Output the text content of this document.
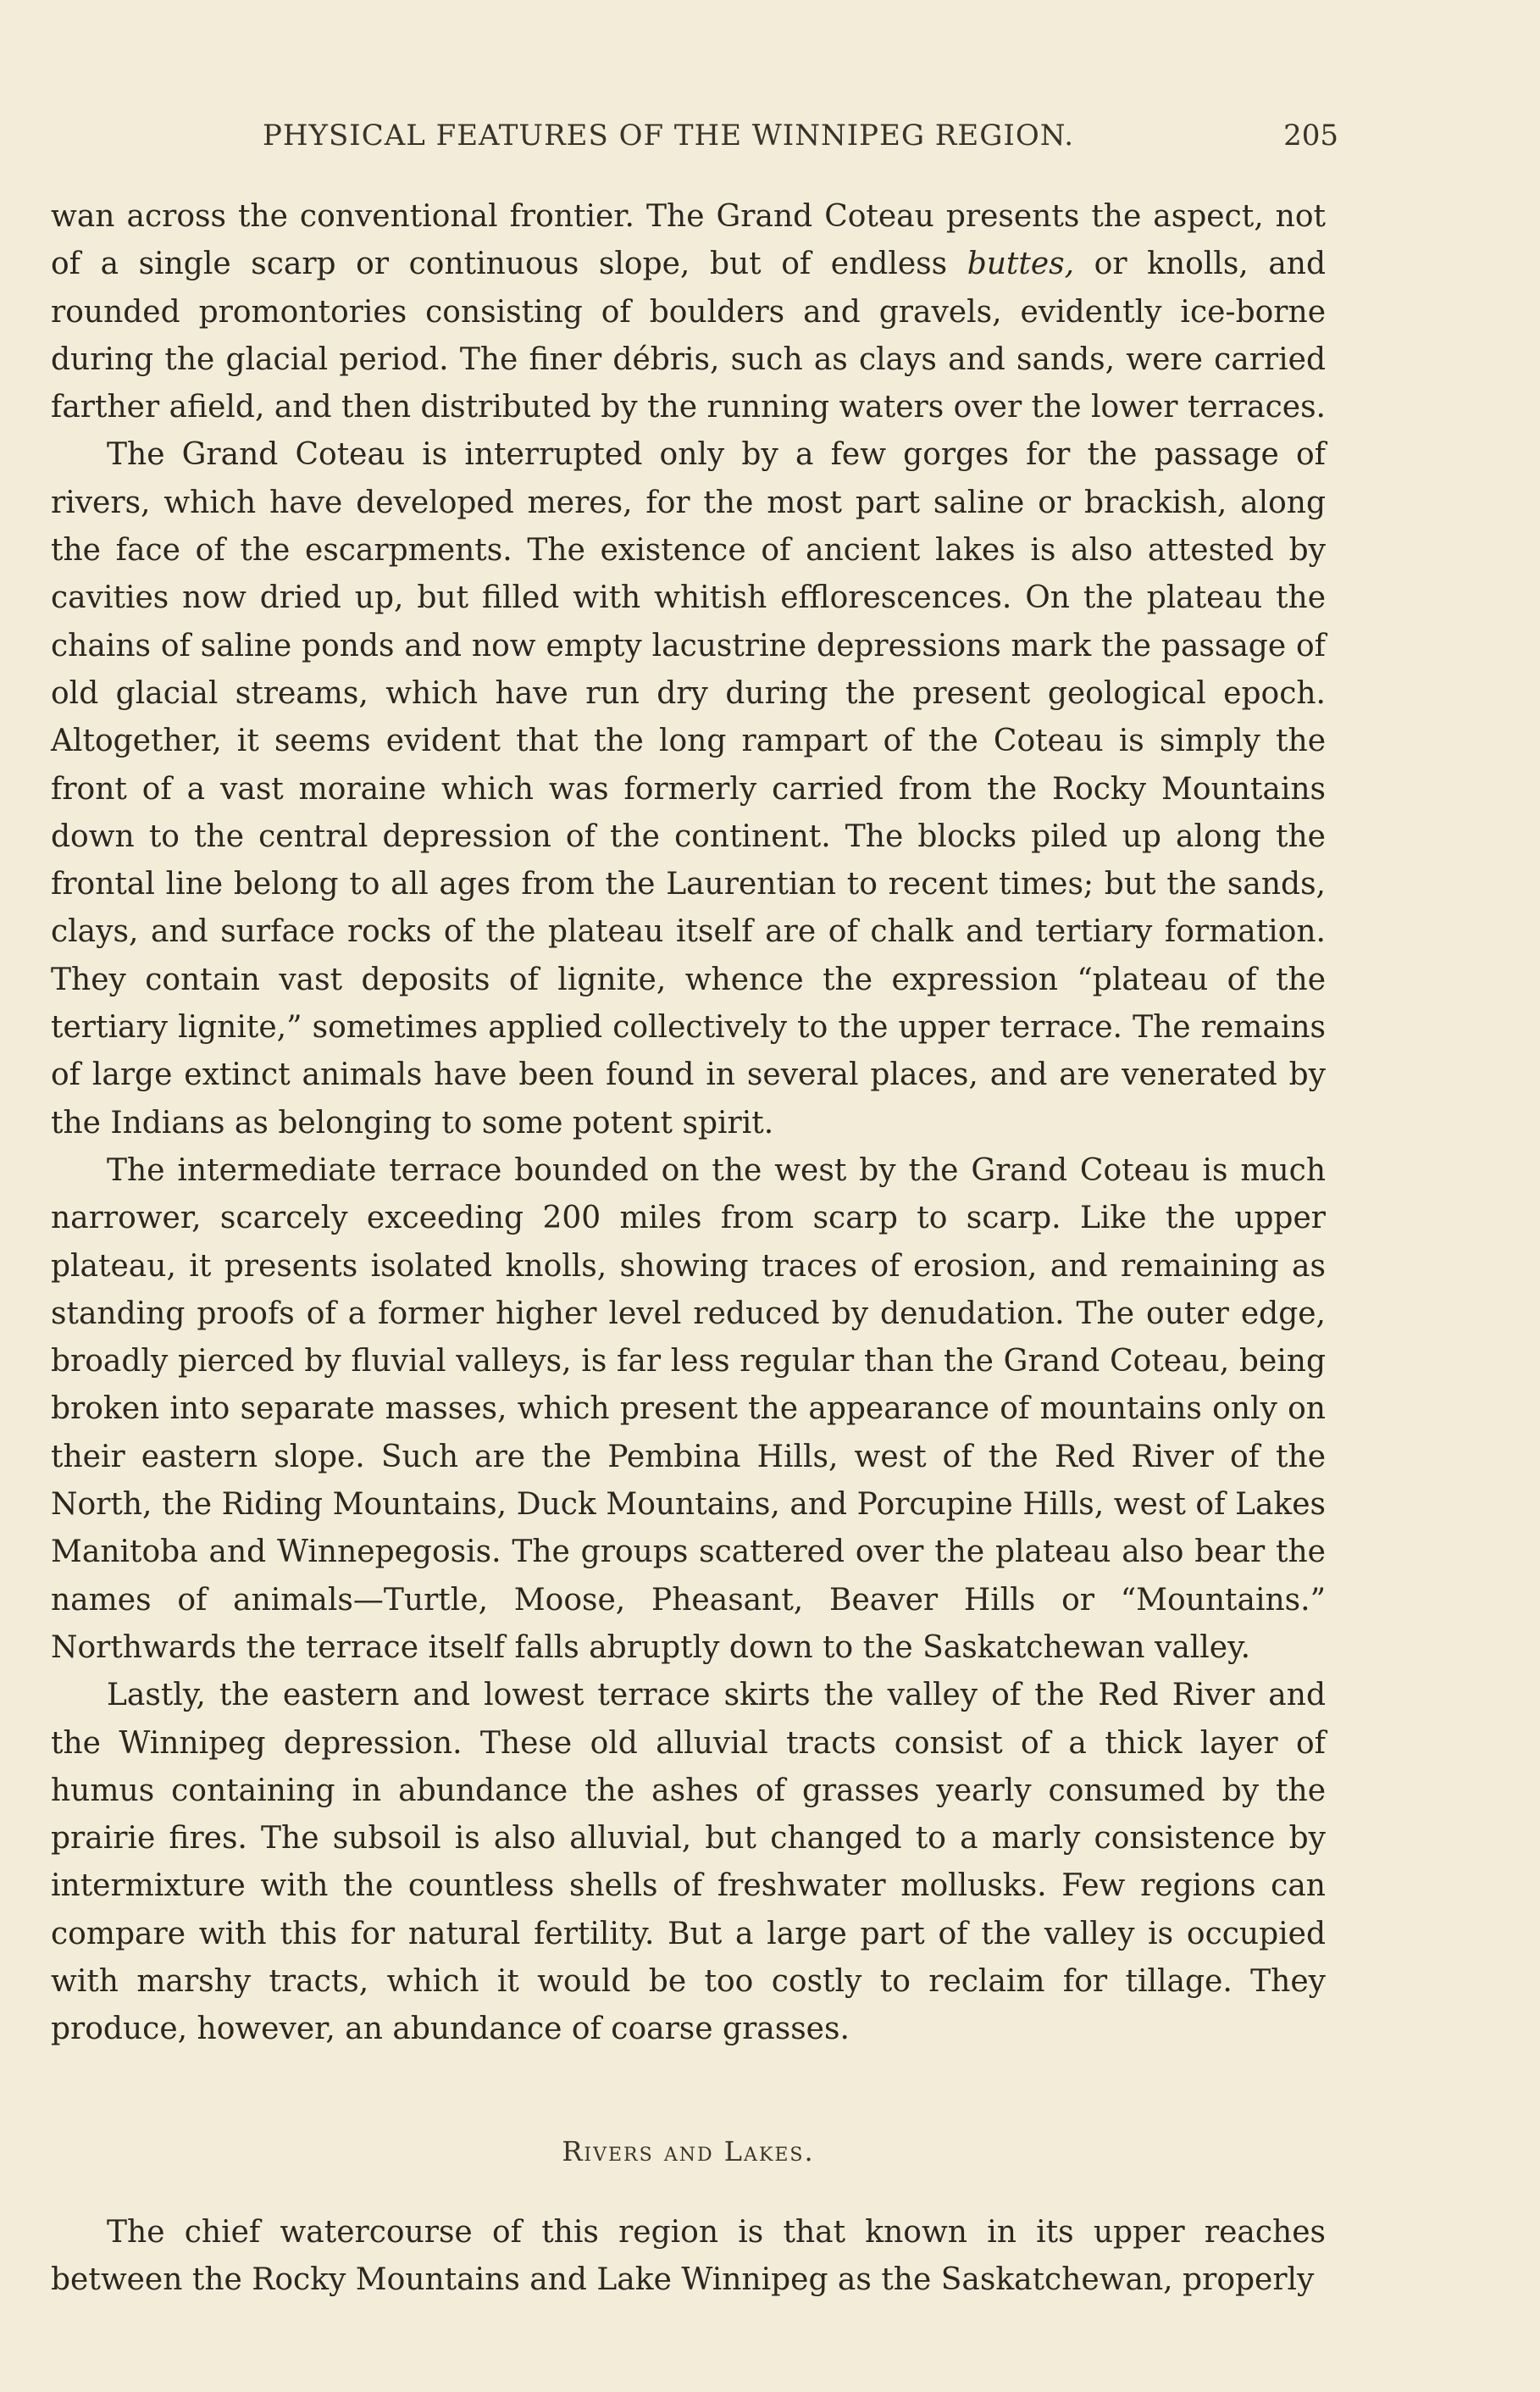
PHYSICAL FEATURES OF THE WINNIPEG REGION.	205

wan across the conventional frontier. The Grand Coteau presents the aspect, not of a single scarp or continuous slope, but of endless buttes, or knolls, and rounded promontories consisting of boulders and gravels, evidently ice-borne during the glacial period. The finer débris, such as clays and sands, were carried farther afield, and then distributed by the running waters over the lower terraces.

The Grand Coteau is interrupted only by a few gorges for the passage of rivers, which have developed meres, for the most part saline or brackish, along the face of the escarpments. The existence of ancient lakes is also attested by cavities now dried up, but filled with whitish efflorescences. On the plateau the chains of saline ponds and now empty lacustrine depressions mark the passage of old glacial streams, which have run dry during the present geological epoch. Altogether, it seems evident that the long rampart of the Coteau is simply the front of a vast moraine which was formerly carried from the Rocky Mountains down to the central depression of the continent. The blocks piled up along the frontal line belong to all ages from the Laurentian to recent times; but the sands, clays, and surface rocks of the plateau itself are of chalk and tertiary formation. They contain vast deposits of lignite, whence the expression “plateau of the tertiary lignite,” sometimes applied collectively to the upper terrace. The remains of large extinct animals have been found in several places, and are venerated by the Indians as belonging to some potent spirit.

The intermediate terrace bounded on the west by the Grand Coteau is much narrower, scarcely exceeding 200 miles from scarp to scarp. Like the upper plateau, it presents isolated knolls, showing traces of erosion, and remaining as standing proofs of a former higher level reduced by denudation. The outer edge, broadly pierced by fluvial valleys, is far less regular than the Grand Coteau, being broken into separate masses, which present the appearance of mountains only on their eastern slope. Such are the Pembina Hills, west of the Red River of the North, the Riding Mountains, Duck Mountains, and Porcupine Hills, west of Lakes Manitoba and Winnepegosis. The groups scattered over the plateau also bear the names of animals—Turtle, Moose, Pheasant, Beaver Hills or “Mountains.” Northwards the terrace itself falls abruptly down to the Saskatchewan valley.

Lastly, the eastern and lowest terrace skirts the valley of the Red River and the Winnipeg depression. These old alluvial tracts consist of a thick layer of humus containing in abundance the ashes of grasses yearly consumed by the prairie fires. The subsoil is also alluvial, but changed to a marly consistence by intermixture with the countless shells of freshwater mollusks. Few regions can compare with this for natural fertility. But a large part of the valley is occupied with marshy tracts, which it would be too costly to reclaim for tillage. They produce, however, an abundance of coarse grasses.

Rivers and Lakes.

The chief watercourse of this region is that known in its upper reaches between the Rocky Mountains and Lake Winnipeg as the Saskatchewan, properly
